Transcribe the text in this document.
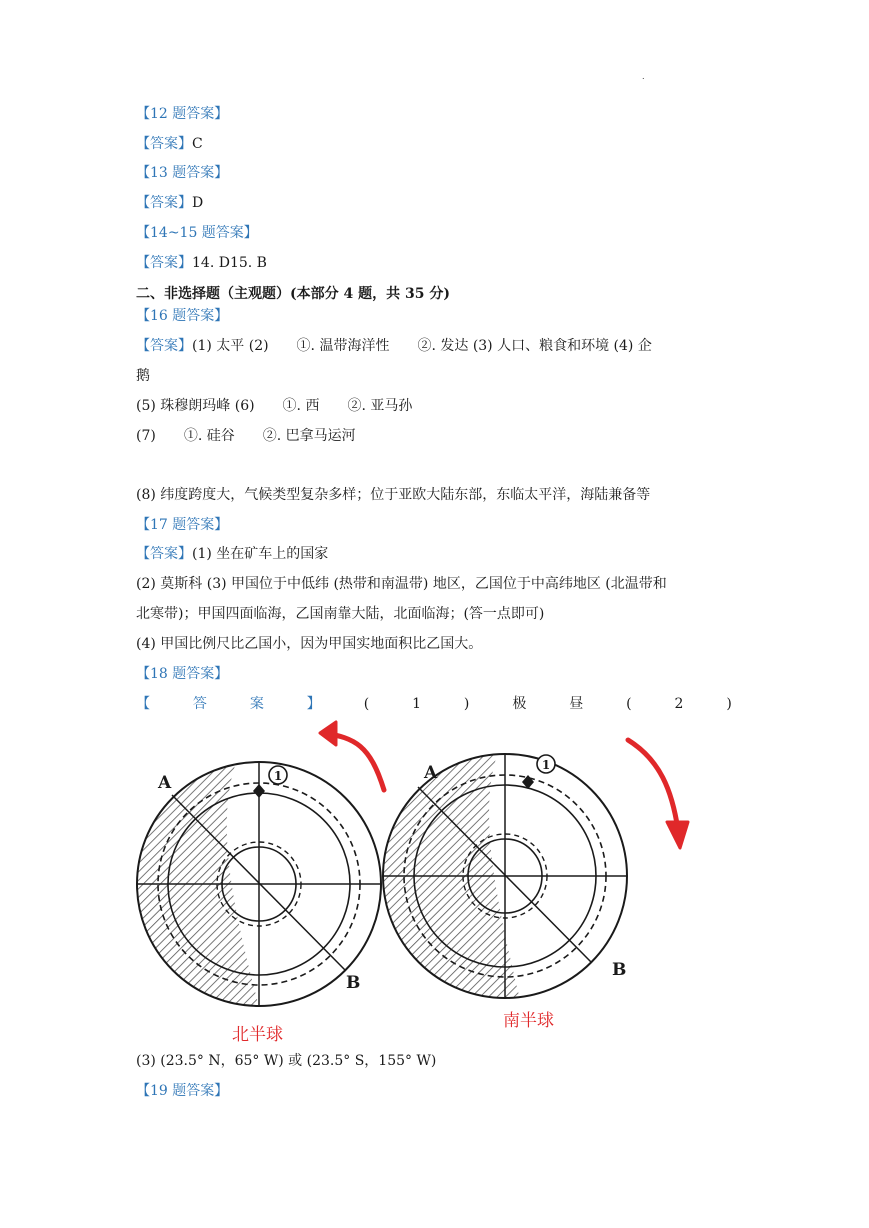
.
【12 题答案】
【答案】C
【13 题答案】
【答案】D
【14~15 题答案】
【答案】14. D15. B
二、非选择题（主观题）(本部分 4 题，共 35 分)
【16 题答案】
【答案】(1) 太平 (2)　　①. 温带海洋性　　②. 发达 (3) 人口、粮食和环境 (4) 企
鹅
(5) 珠穆朗玛峰 (6)　　①. 西　　②. 亚马孙
(7)　　①. 硅谷　　②. 巴拿马运河
(8) 纬度跨度大，气候类型复杂多样；位于亚欧大陆东部，东临太平洋，海陆兼备等
【17 题答案】
【答案】(1) 坐在矿车上的国家
(2) 莫斯科 (3) 甲国位于中低纬 (热带和南温带) 地区，乙国位于中高纬地区 (北温带和
北寒带)；甲国四面临海，乙国南靠大陆，北面临海；(答一点即可)
(4) 甲国比例尺比乙国小，因为甲国实地面积比乙国大。
【18 题答案】
【	答	案	】	(	1	)	极	昼	(	2	)
1
A
B
1
A
B
北半球
南半球
(3) (23.5° N，65° W) 或 (23.5° S，155° W)
【19 题答案】
